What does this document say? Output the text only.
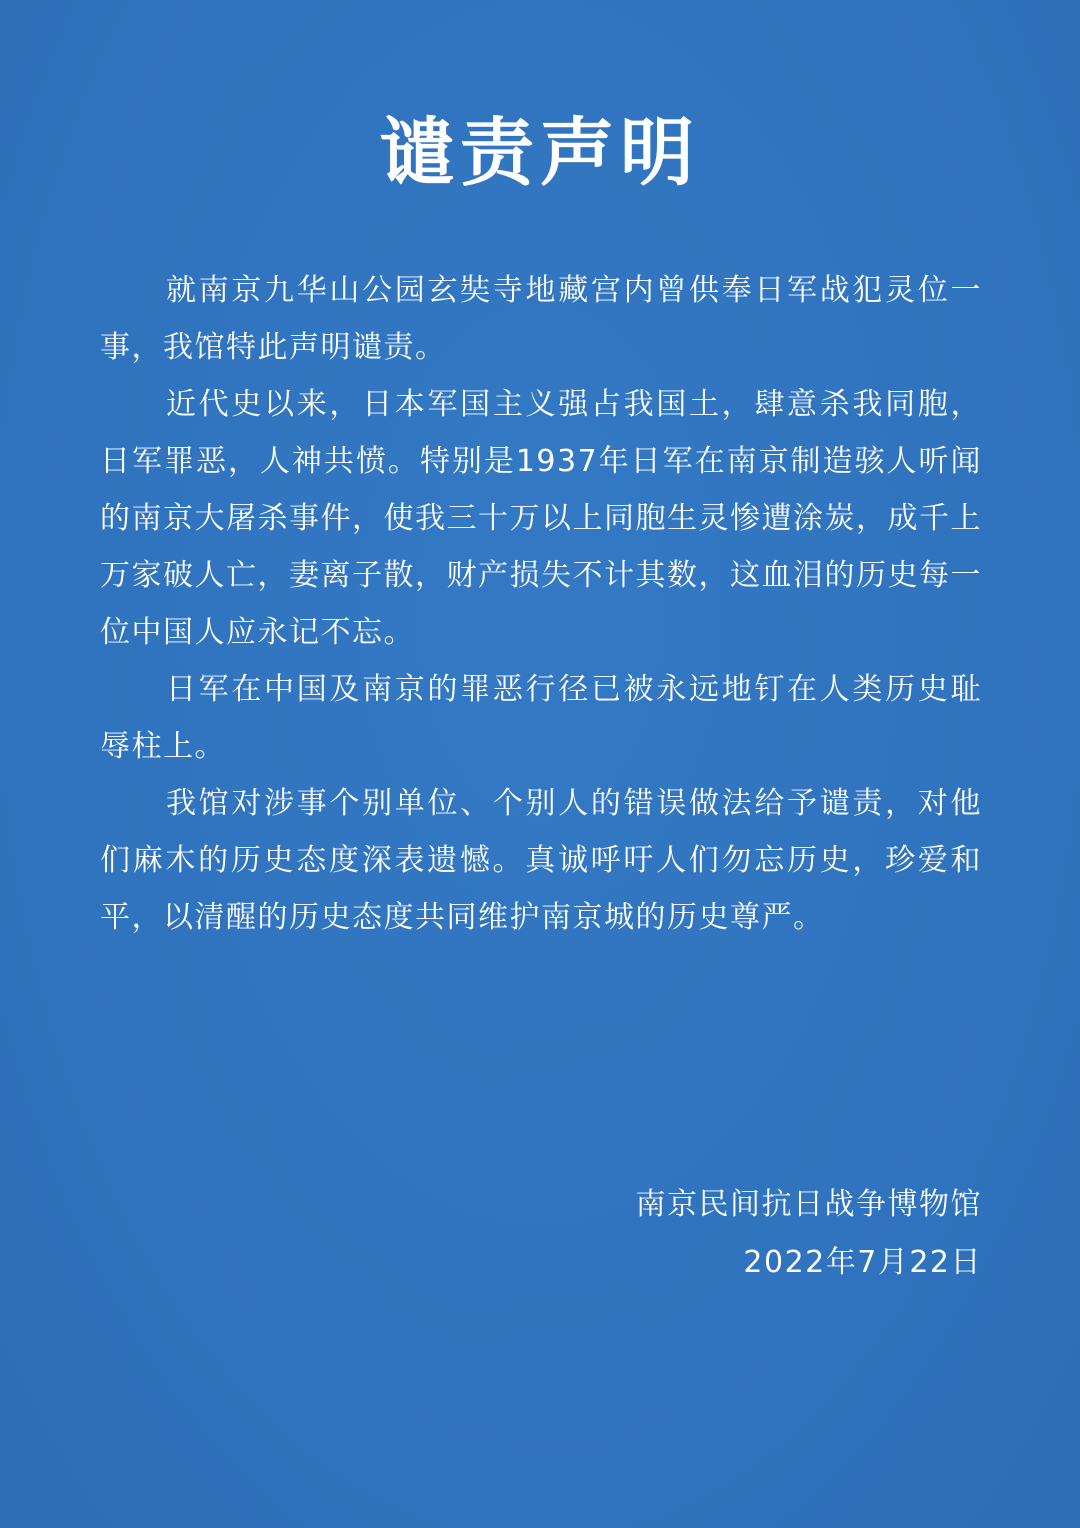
谴责声明

就南京九华山公园玄奘寺地藏宫内曾供奉日军战犯灵位一事，我馆特此声明谴责。

近代史以来，日本军国主义强占我国土，肆意杀我同胞，日军罪恶，人神共愤。特别是1937年日军在南京制造骇人听闻的南京大屠杀事件，使我三十万以上同胞生灵惨遭涂炭，成千上万家破人亡，妻离子散，财产损失不计其数，这血泪的历史每一位中国人应永记不忘。

日军在中国及南京的罪恶行径已被永远地钉在人类历史耻辱柱上。

我馆对涉事个别单位、个别人的错误做法给予谴责，对他们麻木的历史态度深表遗憾。真诚呼吁人们勿忘历史，珍爱和平，以清醒的历史态度共同维护南京城的历史尊严。

南京民间抗日战争博物馆

2022年7月22日
